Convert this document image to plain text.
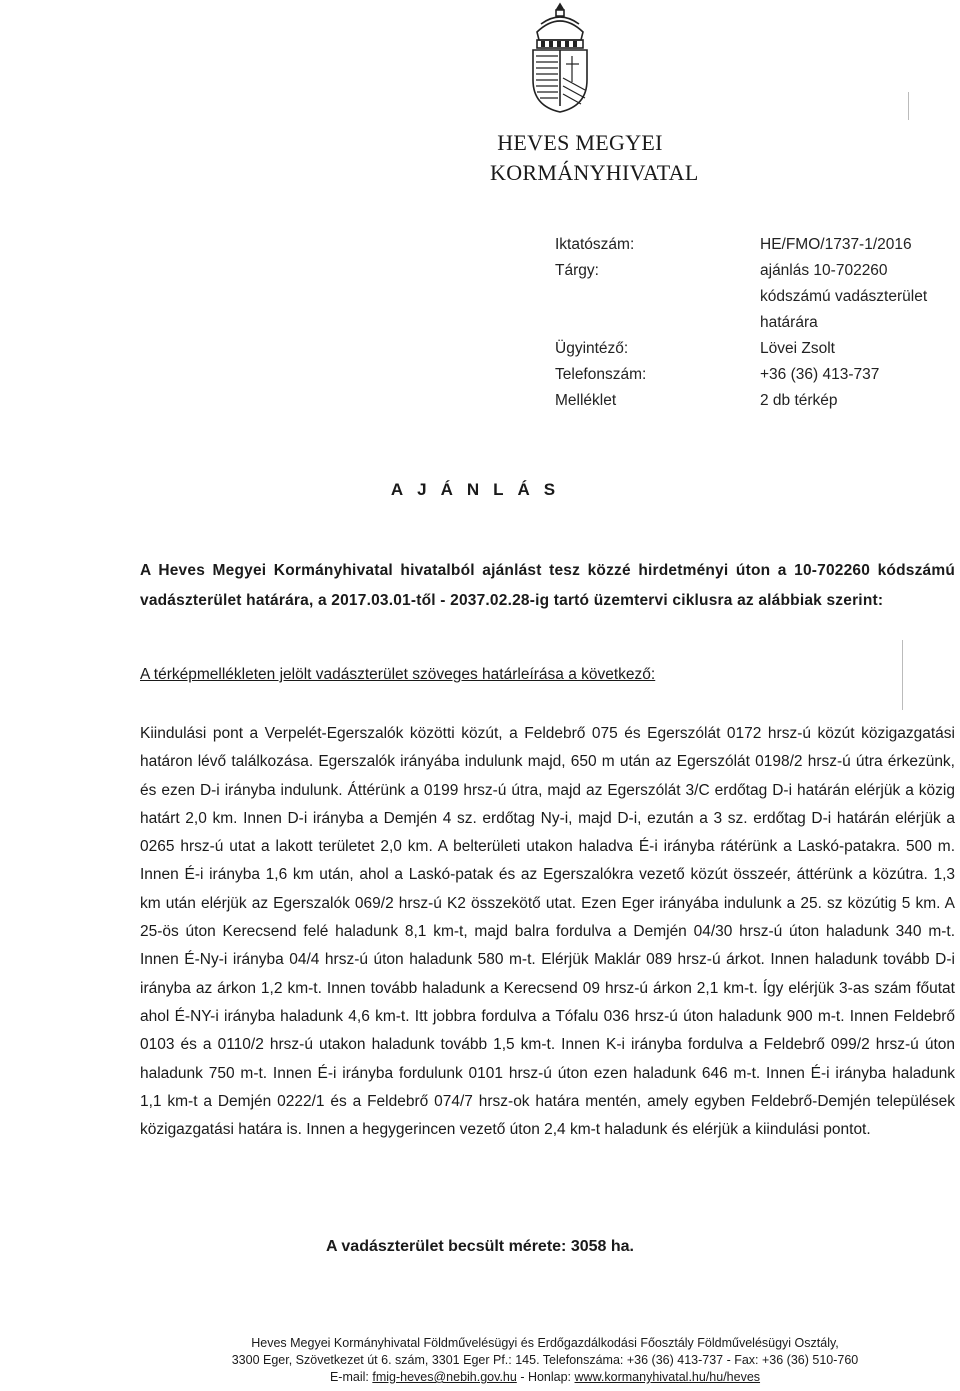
HEVES MEGYEI
KORMÁNYHIVATAL
Iktatószám:	HE/FMO/1737-1/2016
Tárgy:	ajánlás 10-702260
kódszámú vadászterület
határára
Ügyintéző:	Lövei Zsolt
Telefonszám:	+36 (36) 413-737
Melléklet	2 db térkép
AJÁNLÁS
A Heves Megyei Kormányhivatal hivatalból ajánlást tesz közzé hirdetményi úton a 10-702260 kódszámú vadászterület határára, a 2017.03.01-től - 2037.02.28-ig tartó üzemtervi ciklusra az alábbiak szerint:
A térképmellékleten jelölt vadászterület szöveges határleírása a következő:
Kiindulási pont a Verpelét-Egerszalók közötti közút, a Feldebrő 075 és Egerszólát 0172 hrsz-ú közút közigazgatási határon lévő találkozása. Egerszalók irányába indulunk majd, 650 m után az Egerszólát 0198/2 hrsz-ú útra érkezünk, és ezen D-i irányba indulunk. Áttérünk a 0199 hrsz-ú útra, majd az Egerszólát 3/C erdőtag D-i határán elérjük a közig határt 2,0 km. Innen D-i irányba a Demjén 4 sz. erdőtag Ny-i, majd D-i, ezután a 3 sz. erdőtag D-i határán elérjük a 0265 hrsz-ú utat a lakott területet 2,0 km. A belterületi utakon haladva É-i irányba rátérünk a Laskó-patakra. 500 m. Innen É-i irányba 1,6 km után, ahol a Laskó-patak és az Egerszalókra vezető közút összeér, áttérünk a közútra. 1,3 km után elérjük az Egerszalók 069/2 hrsz-ú K2 összekötő utat. Ezen Eger irányába indulunk a 25. sz közútig 5 km. A 25-ös úton Kerecsend felé haladunk 8,1 km-t, majd balra fordulva a Demjén 04/30 hrsz-ú úton haladunk 340 m-t. Innen É-Ny-i irányba 04/4 hrsz-ú úton haladunk 580 m-t. Elérjük Maklár 089 hrsz-ú árkot. Innen haladunk tovább D-i irányba az árkon 1,2 km-t. Innen tovább haladunk a Kerecsend 09 hrsz-ú árkon 2,1 km-t. Így elérjük 3-as szám főutat ahol É-NY-i irányba haladunk 4,6 km-t. Itt jobbra fordulva a Tófalu 036 hrsz-ú úton haladunk 900 m-t. Innen Feldebrő 0103 és a 0110/2 hrsz-ú utakon haladunk tovább 1,5 km-t. Innen K-i irányba fordulva a Feldebrő 099/2 hrsz-ú úton haladunk 750 m-t. Innen É-i irányba fordulunk 0101 hrsz-ú úton ezen haladunk 646 m-t. Innen É-i irányba haladunk 1,1 km-t a Demjén 0222/1 és a Feldebrő 074/7 hrsz-ok határa mentén, amely egyben Feldebrő-Demjén települések közigazgatási határa is. Innen a hegygerincen vezető úton 2,4 km-t haladunk és elérjük a kiindulási pontot.
A vadászterület becsült mérete: 3058 ha.
Heves Megyei Kormányhivatal Földművelésügyi és Erdőgazdálkodási Főosztály Földművelésügyi Osztály,
3300 Eger, Szövetkezet út 6. szám, 3301 Eger Pf.: 145. Telefonszáma: +36 (36) 413-737 - Fax: +36 (36) 510-760
E-mail: fmig-heves@nebih.gov.hu - Honlap: www.kormanyhivatal.hu/hu/heves
